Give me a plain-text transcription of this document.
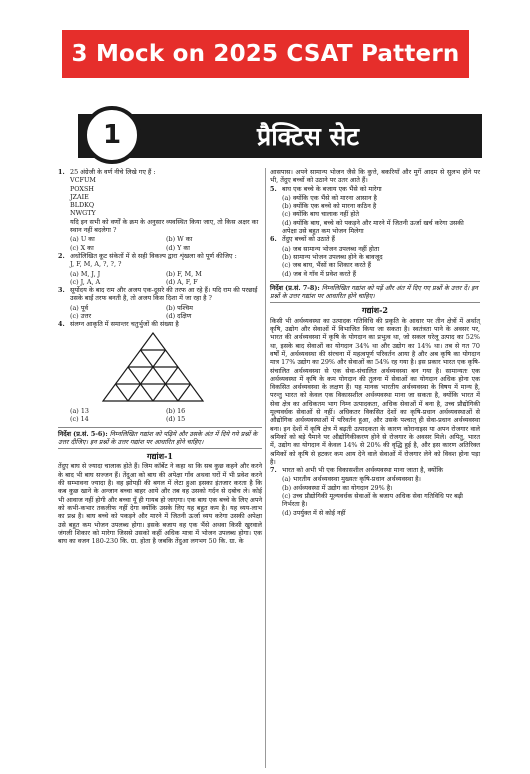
3 Mock on 2025 CSAT Pattern
1	प्रैक्टिस सेट
1. 25 अंग्रेजी के वर्ण नीचे लिखे गए हैं :
VCFUM
POXSH
JZAIE
BLDKQ
NWGTY
यदि इन सभी को वर्णों के क्रम के अनुसार व्यवस्थित किया जाए, तो किस अक्षर का स्थान नहीं बदलेगा ?
(a) U का	(b) W का
(c) X का	(d) Y का
2. अधोलिखित कूट संकेतों में से सही विकल्प द्वारा शृंखला को पूर्ण कीजिए :
J, F, M, A, ?, ?, ?
(a) M, J, J	(b) F, M, M
(c) J, A, A	(d) A, F, F
3. सूर्योदय के बाद राम और अजय एक-दूसरे की तरफ आ रहे हैं। यदि राम की परछाईं उसके बाईं तरफ बनती है, तो अजय किस दिशा में जा रहा है ?
(a) पूर्व	(b) पश्चिम
(c) उत्तर	(d) दक्षिण
4. संलग्न आकृति में समान्तर चतुर्भुजों की संख्या है
(a) 13	(b) 16
(c) 14	(d) 15
निर्देश (प्र.सं. 5-6): निम्नलिखित गद्यांश को पढ़िये और उसके अंत में दिये गये प्रश्नों के उत्तर दीजिए। इन प्रश्नों के उत्तर गद्यांश पर आधारित होने चाहिए।
गद्यांश-1
तेंदुए बाघ से ज्यादा चालाक होते हैं। जिम कॉर्बेट ने कहा था कि सब कुछ कहने और करने के बाद भी बाघ सज्जन हैं। तेंदुआ को बाघ की अपेक्षा गाँव अथवा घरों में भी प्रवेश करने की सम्भावना ज्यादा है। वह झोपड़ी की बगल में लेटा हुआ इसका इंतजार करता है कि कब कुछ खाने के अन्जान बच्चा बाहर आये और तब वह उसको गर्दन से दबोच ले। कोई भी आवाज नहीं होगी और बच्चा यूँ ही गायब हो जाएगा। एक बाघ एक बच्चे के लिए अपने को कभी-कभार तकलीफ नहीं देगा क्योंकि उसके लिए यह बहुत कम है। यह व्यय-लाभ का प्रश्न है। बाघ बच्चे को पकड़ने और मारने में जितनी ऊर्जा व्यय करेगा उसकी अपेक्षा उसे बहुत कम भोजन उपलब्ध होगा। इसके बजाय वह एक भैंसे अथवा किसी खुरवाले जंगली शिकार को मारेगा जिससे उसको कहीं अधिक मात्रा में भोजन उपलब्ध होगा। एक बाघ का वजन 180-230 कि. ग्रा. होता है जबकि तेंदुआ लगभग 50 कि. ग्रा. के
आसपास। अपने सामान्य भोजन जैसे कि कुत्ते, बकरियाँ और मुर्गे आदम से सुलभ होने पर भी, तेंदुए बच्चों को उठाने पर उतर आते हैं।
5. बाघ एक बच्चे के बजाय एक भैंसे को मारेगा
(a) क्योंकि एक भैंसे को मारना आसान है
(b) क्योंकि एक बच्चे को मारना कठिन है
(c) क्योंकि बाघ चालाक नहीं होते
(d) क्योंकि बाघ, बच्चे को पकड़ने और मारने में जितनी ऊर्जा खर्च करेगा उसकी अपेक्षा उसे बहुत कम भोजन मिलेगा
6. तेंदुए बच्चों को उठाते हैं
(a) जब सामान्य भोजन उपलब्ध नहीं होता
(b) सामान्य भोजन उपलब्ध होने के बावजूद
(c) जब बाघ, भैंसों का शिकार करते हैं
(d) जब वे गाँव में प्रवेश करते हैं
निर्देश (प्र.सं. 7-8): निम्नलिखित गद्यांश को पढ़ें और अंत में दिए गए प्रश्नों के उत्तर दें। इन प्रश्नों के उत्तर गद्यांश पर आधारित होने चाहिए।
गद्यांश-2
किसी भी अर्थव्यवस्था का उत्पादक गतिविधि की प्रकृति के आधार पर तीन क्षेत्रों में अर्थात् कृषि, उद्योग और सेवाओं में विभाजित किया जा सकता है। स्वतंत्रता पाने के अवसर पर, भारत की अर्थव्यवस्था में कृषि के योगदान का प्रभुत्व था, जो सकल घरेलू उत्पाद का 52% था, इसके बाद सेवाओं का योगदान 34% था और उद्योग का 14% था। तब से गत 70 वर्षों में, अर्थव्यवस्था की संरचना में महत्वपूर्ण परिवर्तन आया है और अब कृषि का योगदान मात्र 17% उद्योग का 29% और सेवाओं का 54% रह गया है। इस प्रकार भारत एक कृषि-संचालित अर्थव्यवस्था से एक सेवा-संचालित अर्थव्यवस्था बन गया है। सामान्यतः एक अर्थव्यवस्था में कृषि के कम योगदान की तुलना में सेवाओं का योगदान अधिक होना एक विकसित अर्थव्यवस्था के लक्षण हैं। यह मानक भारतीय अर्थव्यवस्था के विषय में मान्य है, परन्तु भारत को केवल एक विकासशील अर्थव्यवस्था माना जा सकता है, क्योंकि भारत में सेवा क्षेत्र का अधिकतम भाग निम्न उत्पादकता, अधिक सेवाओं में बना है, उच्च प्रौद्योगिकी मूल्यवर्धक सेवाओं से नहीं। अधिकतर विकसित देशों का कृषि-प्रधान अर्थव्यवस्थाओं से औद्योगिक अर्थव्यवस्थाओं में परिवर्तन हुआ, और उसके पश्चात् ही सेवा-प्रधान अर्थव्यवस्था बना। इन देशों में कृषि क्षेत्र में बढ़ती उत्पादकता के कारण कोरानाइस या अपन रोजगार वाले श्रमिकों को बड़े पैमाने पर औद्योगिकीकरण होने से रोजगार के अवसर मिले। अपितु, भारत में, उद्योग का योगदान में केवल 14% से 20% की वृद्धि हुई है, और इस कारण अतिरिक्त श्रमिकों को कृषि से हटकर कम आय देने वाले सेवाओं में रोजगार लेने को विवश होना पड़ा है।
7. भारत को अभी भी एक विकासशील अर्थव्यवस्था माना जाता है, क्योंकि
(a) भारतीय अर्थव्यवस्था मुख्यतः कृषि-प्रधान अर्थव्यवस्था है।
(b) अर्थव्यवस्था में उद्योग का योगदान 29% है।
(c) उच्च प्रौद्योगिकी मूल्यवर्धक सेवाओं के बजाय अधिक सेवा गतिविधि पर बढ़ी निर्भरता है।
(d) उपर्युक्त में से कोई नहीं
